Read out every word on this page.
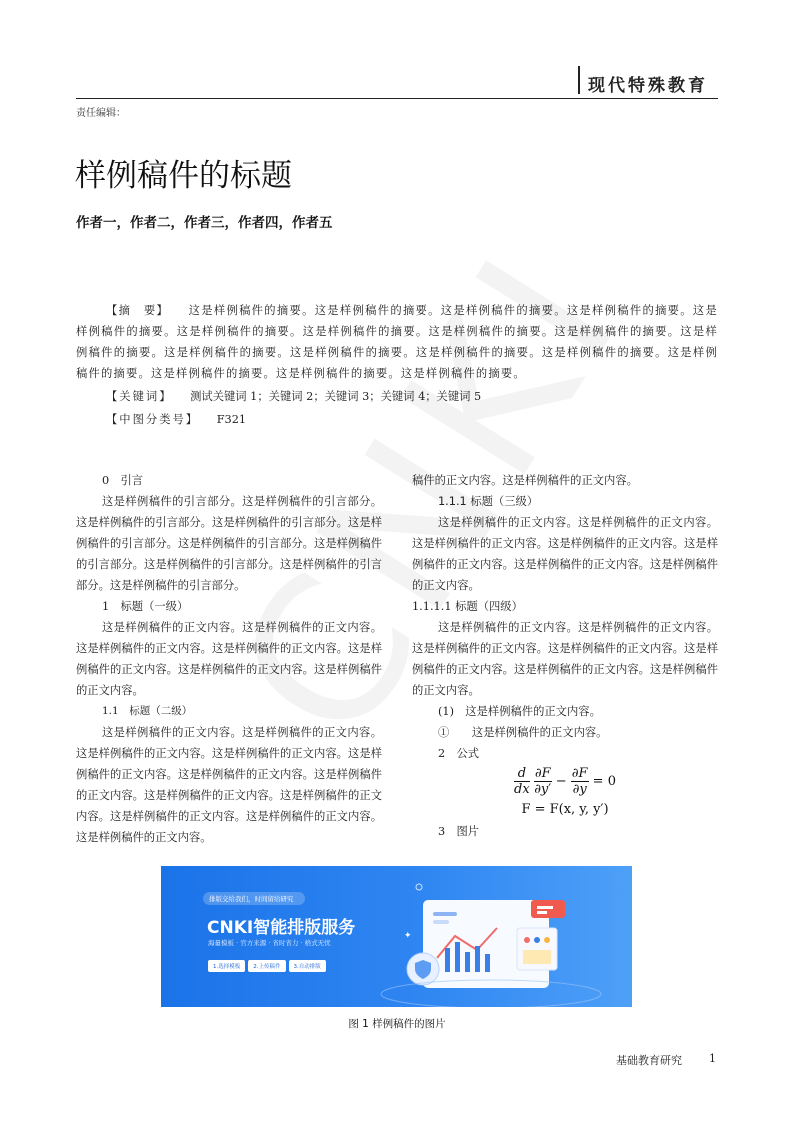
现代特殊教育
责任编辑：
样例稿件的标题
作者一，作者二，作者三，作者四，作者五
【摘　要】 这是样例稿件的摘要。这是样例稿件的摘要。这是样例稿件的摘要。这是样例稿件的摘要。这是样例稿件的摘要。这是样例稿件的摘要。这是样例稿件的摘要。这是样例稿件的摘要。这是样例稿件的摘要。这是样例稿件的摘要。这是样例稿件的摘要。这是样例稿件的摘要。这是样例稿件的摘要。这是样例稿件的摘要。这是样例稿件的摘要。这是样例稿件的摘要。这是样例稿件的摘要。这是样例稿件的摘要。
【关键词】 测试关键词 1；关键词 2；关键词 3；关键词 4；关键词 5
【中图分类号】 F321

0　引言

这是样例稿件的引言部分。这是样例稿件的引言部分。这是样例稿件的引言部分。这是样例稿件的引言部分。这是样例稿件的引言部分。这是样例稿件的引言部分。这是样例稿件的引言部分。这是样例稿件的引言部分。这是样例稿件的引言部分。这是样例稿件的引言部分。

1　标题（一级）

这是样例稿件的正文内容。这是样例稿件的正文内容。这是样例稿件的正文内容。这是样例稿件的正文内容。这是样例稿件的正文内容。这是样例稿件的正文内容。这是样例稿件的正文内容。

1.1　标题（二级）

这是样例稿件的正文内容。这是样例稿件的正文内容。这是样例稿件的正文内容。这是样例稿件的正文内容。这是样例稿件的正文内容。这是样例稿件的正文内容。这是样例稿件的正文内容。这是样例稿件的正文内容。这是样例稿件的正文内容。这是样例稿件的正文内容。这是样例稿件的正文内容。这是样例稿件的正文内容。

稿件的正文内容。这是样例稿件的正文内容。

1.1.1 标题（三级）

这是样例稿件的正文内容。这是样例稿件的正文内容。这是样例稿件的正文内容。这是样例稿件的正文内容。这是样例稿件的正文内容。这是样例稿件的正文内容。这是样例稿件的正文内容。

1.1.1.1 标题（四级）

这是样例稿件的正文内容。这是样例稿件的正文内容。这是样例稿件的正文内容。这是样例稿件的正文内容。这是样例稿件的正文内容。这是样例稿件的正文内容。这是样例稿件的正文内容。

(1)　这是样例稿件的正文内容。

①　　这是样例稿件的正文内容。

2　公式

$\frac{d}{dx}$
$\frac{\partial F}{\partial y'} - \frac{\partial F}{\partial y} = 0$
F = F(x, y, y′)

3　图片

✦
排版交给我们，时间留给研究
CNKI智能排版服务
海量模板 · 官方来源 · 省时省力 · 格式无忧
1.选择模板	2.上传稿件	3.自动排版
图 1 样例稿件的图片
基础教育研究 1
